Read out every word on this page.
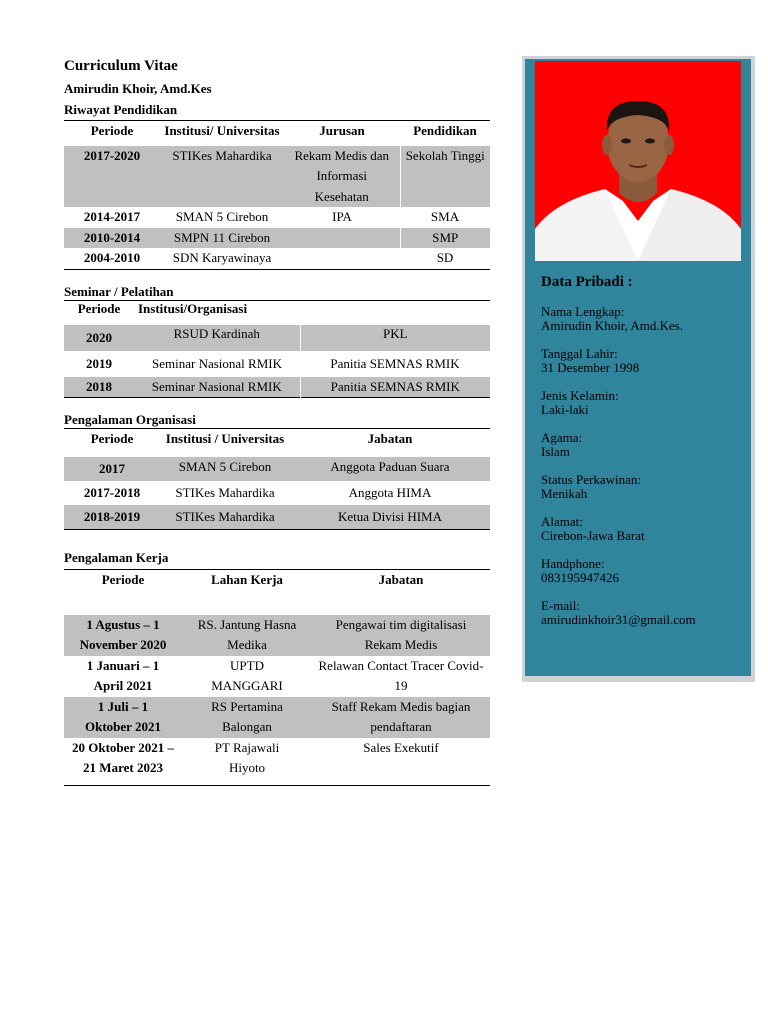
Curriculum Vitae
Amirudin Khoir, Amd.Kes
Riwayat Pendidikan
Periode	Institusi/ Universitas	Jurusan	Pendidikan

2017-2020	STIKes Mahardika	Rekam Medis dan Informasi Kesehatan	Sekolah Tinggi
2014-2017	SMAN 5 Cirebon	IPA	SMA
2010-2014	SMPN 11 Cirebon		SMP
2004-2010	SDN Karyawinaya		SD
Seminar / Pelatihan
Periode	Institusi/Organisasi	

2020	RSUD Kardinah	PKL
2019	Seminar Nasional RMIK	Panitia SEMNAS RMIK
2018	Seminar Nasional RMIK	Panitia SEMNAS RMIK
Pengalaman Organisasi
Periode	Institusi / Universitas	Jabatan

2017	SMAN 5 Cirebon	Anggota Paduan Suara
2017-2018	STIKes Mahardika	Anggota HIMA
2018-2019	STIKes Mahardika	Ketua Divisi HIMA
Pengalaman Kerja
Periode	Lahan Kerja	Jabatan

1 Agustus – 1 November 2020	RS. Jantung Hasna Medika	Pengawai tim digitalisasi Rekam Medis
1 Januari – 1 April 2021	UPTD MANGGARI	Relawan Contact Tracer Covid-19
1 Juli – 1 Oktober 2021	RS Pertamina Balongan	Staff Rekam Medis bagian pendaftaran
20 Oktober 2021 – 21 Maret 2023	PT Rajawali Hiyoto	Sales Exekutif
Data Pribadi :
Nama Lengkap:
Amirudin Khoir, Amd.Kes.
Tanggal Lahir:
31 Desember 1998
Jenis Kelamin:
Laki-laki
Agama:
Islam
Status Perkawinan:
Menikah
Alamat:
Cirebon-Jawa Barat
Handphone:
083195947426
E-mail:
amirudinkhoir31@gmail.com
